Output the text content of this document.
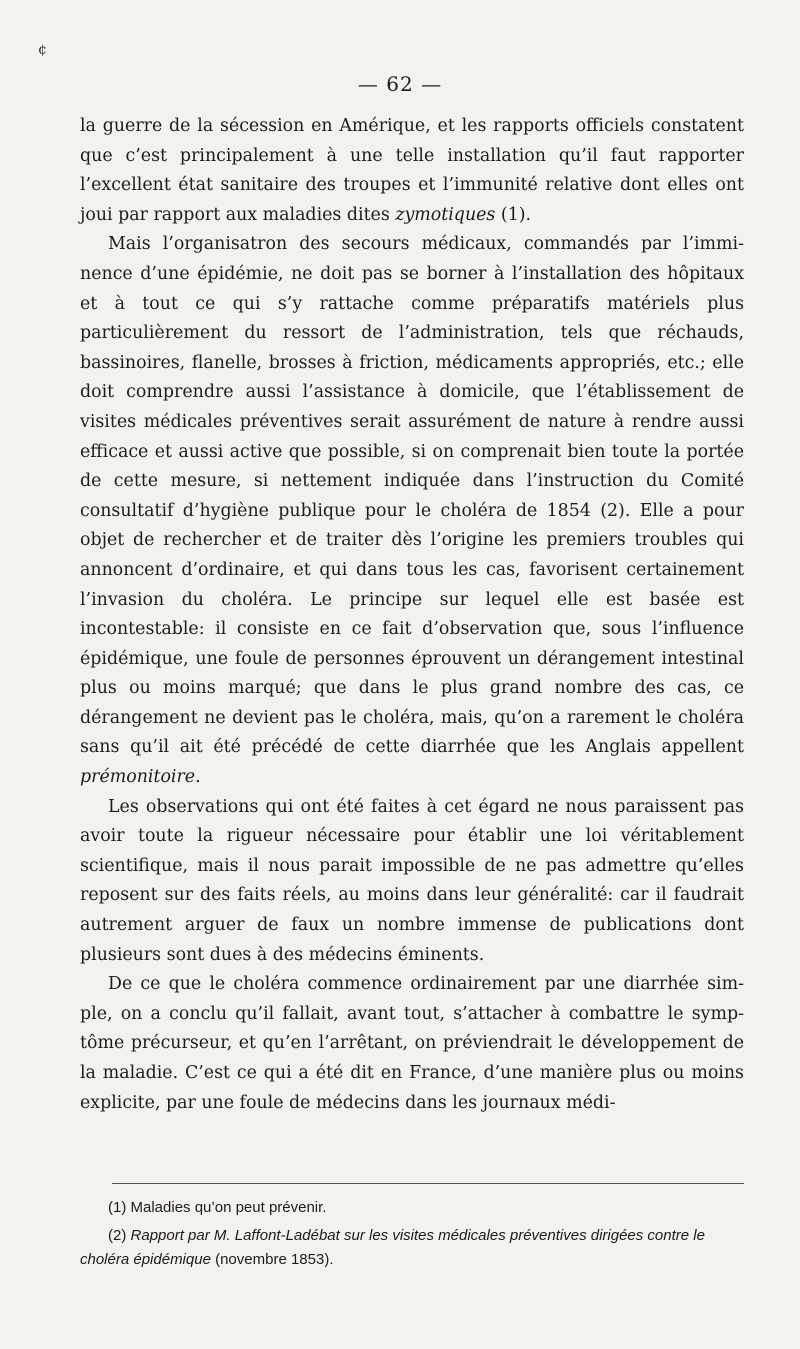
¢
— 62 —

la guerre de la sécession en Amérique, et les rapports officiels constatent que c’est principalement à une telle installation qu’il faut rapporter l’excellent état sanitaire des troupes et l’immunité relative dont elles ont joui par rapport aux maladies dites zymotiques (1).

Mais l’organisatron des secours médicaux, commandés par l’imminence d’une épidémie, ne doit pas se borner à l’installation des hôpitaux et à tout ce qui s’y rattache comme préparatifs matériels plus particulièrement du ressort de l’administration, tels que réchauds, bassinoires, flanelle, brosses à friction, médicaments appropriés, etc.; elle doit comprendre aussi l’assistance à domicile, que l’établissement de visites médicales préventives serait assurément de nature à rendre aussi efficace et aussi active que possible, si on comprenait bien toute la portée de cette mesure, si nettement indiquée dans l’instruction du Comité consultatif d’hygiène publique pour le choléra de 1854 (2). Elle a pour objet de rechercher et de traiter dès l’origine les premiers troubles qui annoncent d’ordinaire, et qui dans tous les cas, favorisent certainement l’invasion du choléra. Le principe sur lequel elle est basée est incontestable: il consiste en ce fait d’observation que, sous l’influence épidémique, une foule de personnes éprouvent un dérangement intestinal plus ou moins marqué; que dans le plus grand nombre des cas, ce dérangement ne devient pas le choléra, mais, qu’on a rarement le choléra sans qu’il ait été précédé de cette diarrhée que les Anglais appellent prémonitoire.

Les observations qui ont été faites à cet égard ne nous paraissent pas avoir toute la rigueur nécessaire pour établir une loi véritablement scientifique, mais il nous parait impossible de ne pas admettre qu’elles reposent sur des faits réels, au moins dans leur généralité: car il faudrait autrement arguer de faux un nombre immense de publications dont plusieurs sont dues à des médecins éminents.

De ce que le choléra commence ordinairement par une diarrhée simple, on a conclu qu’il fallait, avant tout, s’attacher à combattre le symptôme précurseur, et qu’en l’arrêtant, on préviendrait le développement de la maladie. C’est ce qui a été dit en France, d’une manière plus ou moins explicite, par une foule de médecins dans les journaux médi-

(1) Maladies qu’on peut prévenir.

(2) Rapport par M. Laffont-Ladébat sur les visites médicales préventives dirigées contre le choléra épidémique (novembre 1853).
